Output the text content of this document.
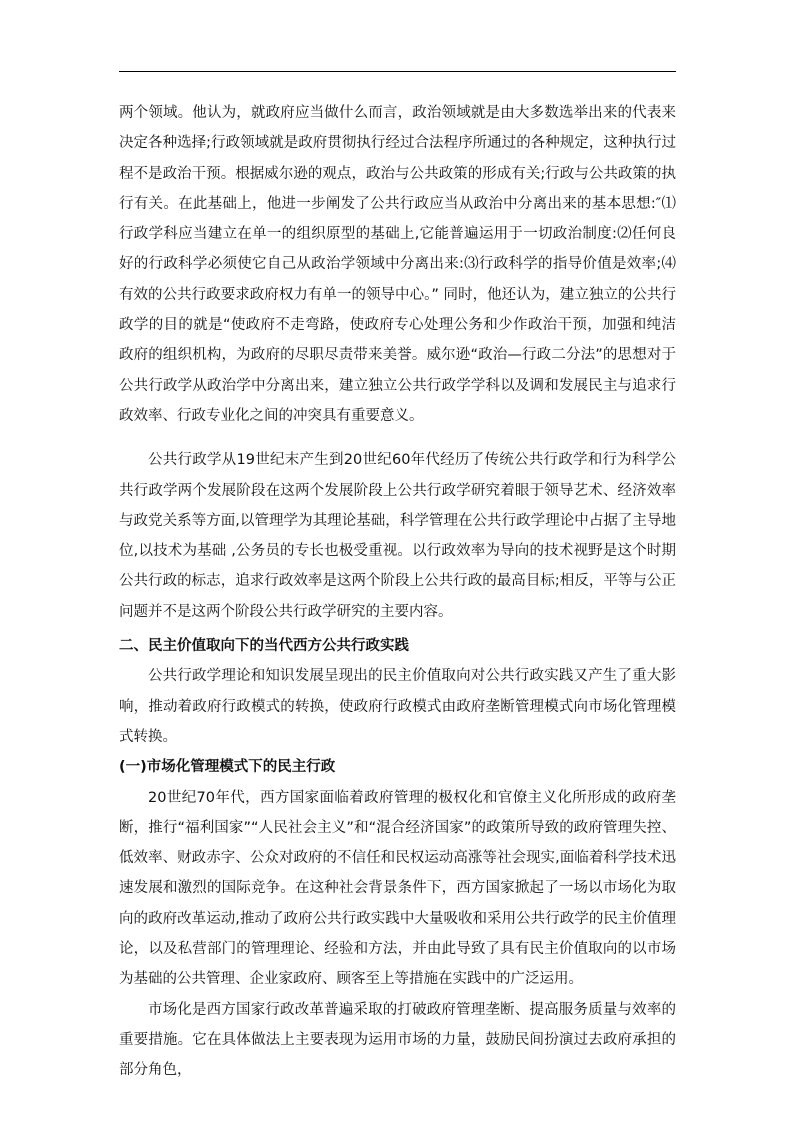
两个领域。他认为，就政府应当做什么而言，政治领域就是由大多数选举出来的代表来决定各种选择;行政领域就是政府贯彻执行经过合法程序所通过的各种规定，这种执行过程不是政治干预。根据威尔逊的观点，政治与公共政策的形成有关;行政与公共政策的执行有关。在此基础上，他进一步阐发了公共行政应当从政治中分离出来的基本思想:″⑴行政学科应当建立在单一的组织原型的基础上,它能普遍运用于一切政治制度:⑵任何良好的行政科学必须使它自己从政治学领域中分离出来:⑶行政科学的指导价值是效率;⑷有效的公共行政要求政府权力有单一的领导中心。” 同时，他还认为，建立独立的公共行政学的目的就是“使政府不走弯路，使政府专心处理公务和少作政治干预，加强和纯洁政府的组织机构，为政府的尽职尽责带来美誉。威尔逊“政治—行政二分法”的思想对于公共行政学从政治学中分离出来，建立独立公共行政学学科以及调和发展民主与追求行政效率、行政专业化之间的冲突具有重要意义。

公共行政学从19世纪末产生到20世纪60年代经历了传统公共行政学和行为科学公共行政学两个发展阶段在这两个发展阶段上公共行政学研究着眼于领导艺术、经济效率与政党关系等方面,以管理学为其理论基础，科学管理在公共行政学理论中占据了主导地位,以技术为基础 ,公务员的专长也极受重视。以行政效率为导向的技术视野是这个时期公共行政的标志，追求行政效率是这两个阶段上公共行政的最高目标;相反，平等与公正问题并不是这两个阶段公共行政学研究的主要内容。

二、民主价值取向下的当代西方公共行政实践

公共行政学理论和知识发展呈现出的民主价值取向对公共行政实践又产生了重大影响，推动着政府行政模式的转换，使政府行政模式由政府垄断管理模式向市场化管理模式转换。

(一)市场化管理模式下的民主行政

20世纪70年代，西方国家面临着政府管理的极权化和官僚主义化所形成的政府垄断，推行“福利国家”“人民社会主义”和“混合经济国家”的政策所导致的政府管理失控、低效率、财政赤字、公众对政府的不信任和民权运动高涨等社会现实,面临着科学技术迅速发展和激烈的国际竞争。在这种社会背景条件下，西方国家掀起了一场以市场化为取向的政府改革运动,推动了政府公共行政实践中大量吸收和采用公共行政学的民主价值理论，以及私营部门的管理理论、经验和方法，并由此导致了具有民主价值取向的以市场为基础的公共管理、企业家政府、顾客至上等措施在实践中的广泛运用。

市场化是西方国家行政改革普遍采取的打破政府管理垄断、提高服务质量与效率的重要措施。它在具体做法上主要表现为运用市场的力量，鼓励民间扮演过去政府承担的部分角色，
